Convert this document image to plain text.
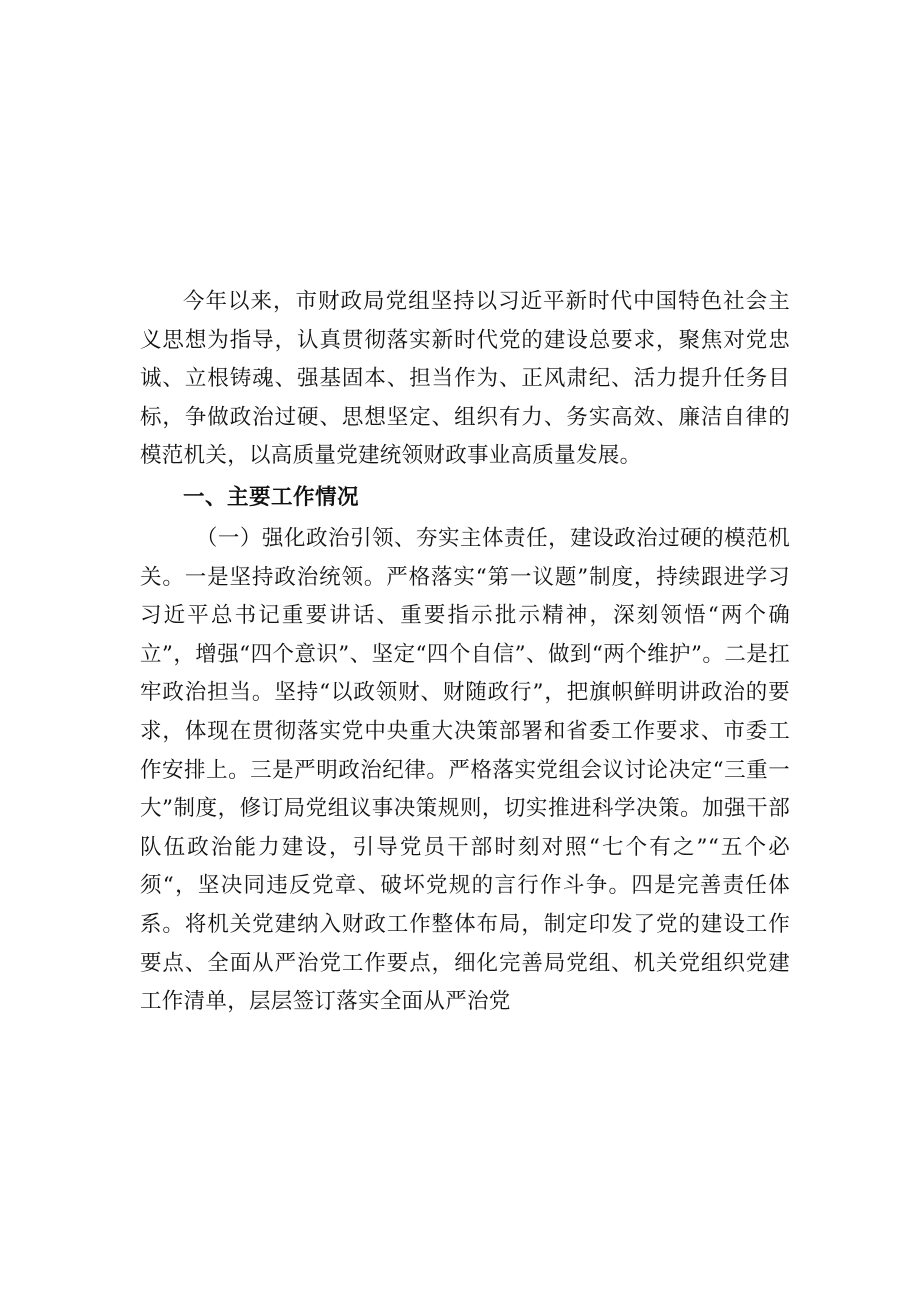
今年以来，市财政局党组坚持以习近平新时代中国特色社会主义思想为指导，认真贯彻落实新时代党的建设总要求，聚焦对党忠诚、立根铸魂、强基固本、担当作为、正风肃纪、活力提升任务目标，争做政治过硬、思想坚定、组织有力、务实高效、廉洁自律的模范机关，以高质量党建统领财政事业高质量发展。

一、主要工作情况

（一）强化政治引领、夯实主体责任，建设政治过硬的模范机关。一是坚持政治统领。严格落实“第一议题”制度，持续跟进学习习近平总书记重要讲话、重要指示批示精神，深刻领悟“两个确立”，增强“四个意识”、坚定“四个自信”、做到“两个维护”。二是扛牢政治担当。坚持“以政领财、财随政行”，把旗帜鲜明讲政治的要求，体现在贯彻落实党中央重大决策部署和省委工作要求、市委工作安排上。三是严明政治纪律。严格落实党组会议讨论决定“三重一大”制度，修订局党组议事决策规则，切实推进科学决策。加强干部队伍政治能力建设，引导党员干部时刻对照“七个有之”“五个必须“，坚决同违反党章、破坏党规的言行作斗争。四是完善责任体系。将机关党建纳入财政工作整体布局，制定印发了党的建设工作要点、全面从严治党工作要点，细化完善局党组、机关党组织党建工作清单，层层签订落实全面从严治党
